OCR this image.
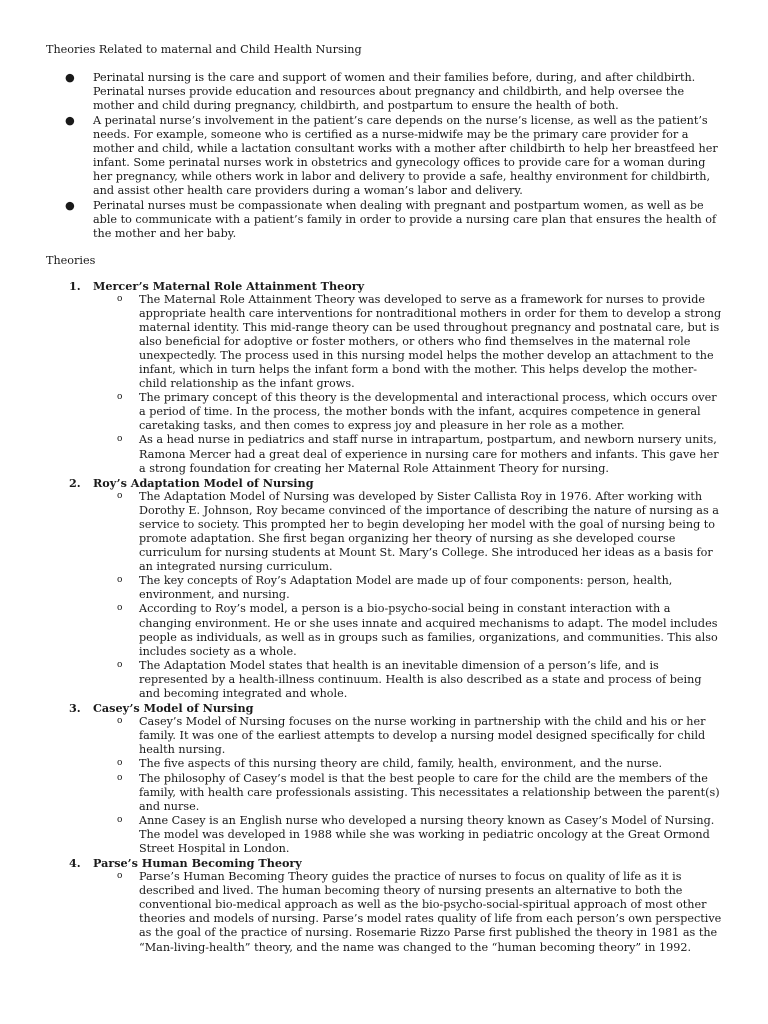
Theories Related to maternal and Child Health Nursing
● Perinatal nursing is the care and support of women and their families before, during, and after childbirth. Perinatal nurses provide education and resources about pregnancy and childbirth, and help oversee the mother and child during pregnancy, childbirth, and postpartum to ensure the health of both.
● A perinatal nurse’s involvement in the patient’s care depends on the nurse’s license, as well as the patient’s needs. For example, someone who is certified as a nurse-midwife may be the primary care provider for a mother and child, while a lactation consultant works with a mother after childbirth to help her breastfeed her infant. Some perinatal nurses work in obstetrics and gynecology offices to provide care for a woman during her pregnancy, while others work in labor and delivery to provide a safe, healthy environment for childbirth, and assist other health care providers during a woman’s labor and delivery.
● Perinatal nurses must be compassionate when dealing with pregnant and postpartum women, as well as be able to communicate with a patient’s family in order to provide a nursing care plan that ensures the health of the mother and her baby.
Theories
1. Mercer’s Maternal Role Attainment Theory
o The Maternal Role Attainment Theory was developed to serve as a framework for nurses to provide appropriate health care interventions for nontraditional mothers in order for them to develop a strong maternal identity. This mid-range theory can be used throughout pregnancy and postnatal care, but is also beneficial for adoptive or foster mothers, or others who find themselves in the maternal role unexpectedly. The process used in this nursing model helps the mother develop an attachment to the infant, which in turn helps the infant form a bond with the mother. This helps develop the mother-child relationship as the infant grows.
o The primary concept of this theory is the developmental and interactional process, which occurs over a period of time. In the process, the mother bonds with the infant, acquires competence in general caretaking tasks, and then comes to express joy and pleasure in her role as a mother.
o As a head nurse in pediatrics and staff nurse in intrapartum, postpartum, and newborn nursery units, Ramona Mercer had a great deal of experience in nursing care for mothers and infants. This gave her a strong foundation for creating her Maternal Role Attainment Theory for nursing.
2. Roy’s Adaptation Model of Nursing
o The Adaptation Model of Nursing was developed by Sister Callista Roy in 1976. After working with Dorothy E. Johnson, Roy became convinced of the importance of describing the nature of nursing as a service to society. This prompted her to begin developing her model with the goal of nursing being to promote adaptation. She first began organizing her theory of nursing as she developed course curriculum for nursing students at Mount St. Mary’s College. She introduced her ideas as a basis for an integrated nursing curriculum.
o The key concepts of Roy’s Adaptation Model are made up of four components: person, health, environment, and nursing.
o According to Roy’s model, a person is a bio-psycho-social being in constant interaction with a changing environment. He or she uses innate and acquired mechanisms to adapt. The model includes people as individuals, as well as in groups such as families, organizations, and communities. This also includes society as a whole.
o The Adaptation Model states that health is an inevitable dimension of a person’s life, and is represented by a health-illness continuum. Health is also described as a state and process of being and becoming integrated and whole.
3. Casey’s Model of Nursing
o Casey’s Model of Nursing focuses on the nurse working in partnership with the child and his or her family. It was one of the earliest attempts to develop a nursing model designed specifically for child health nursing.
o The five aspects of this nursing theory are child, family, health, environment, and the nurse.
o The philosophy of Casey’s model is that the best people to care for the child are the members of the family, with health care professionals assisting. This necessitates a relationship between the parent(s) and nurse.
o Anne Casey is an English nurse who developed a nursing theory known as Casey’s Model of Nursing. The model was developed in 1988 while she was working in pediatric oncology at the Great Ormond Street Hospital in London.
4. Parse’s Human Becoming Theory
o Parse’s Human Becoming Theory guides the practice of nurses to focus on quality of life as it is described and lived. The human becoming theory of nursing presents an alternative to both the conventional bio-medical approach as well as the bio-psycho-social-spiritual approach of most other theories and models of nursing. Parse’s model rates quality of life from each person’s own perspective as the goal of the practice of nursing. Rosemarie Rizzo Parse first published the theory in 1981 as the “Man-living-health” theory, and the name was changed to the “human becoming theory” in 1992.
